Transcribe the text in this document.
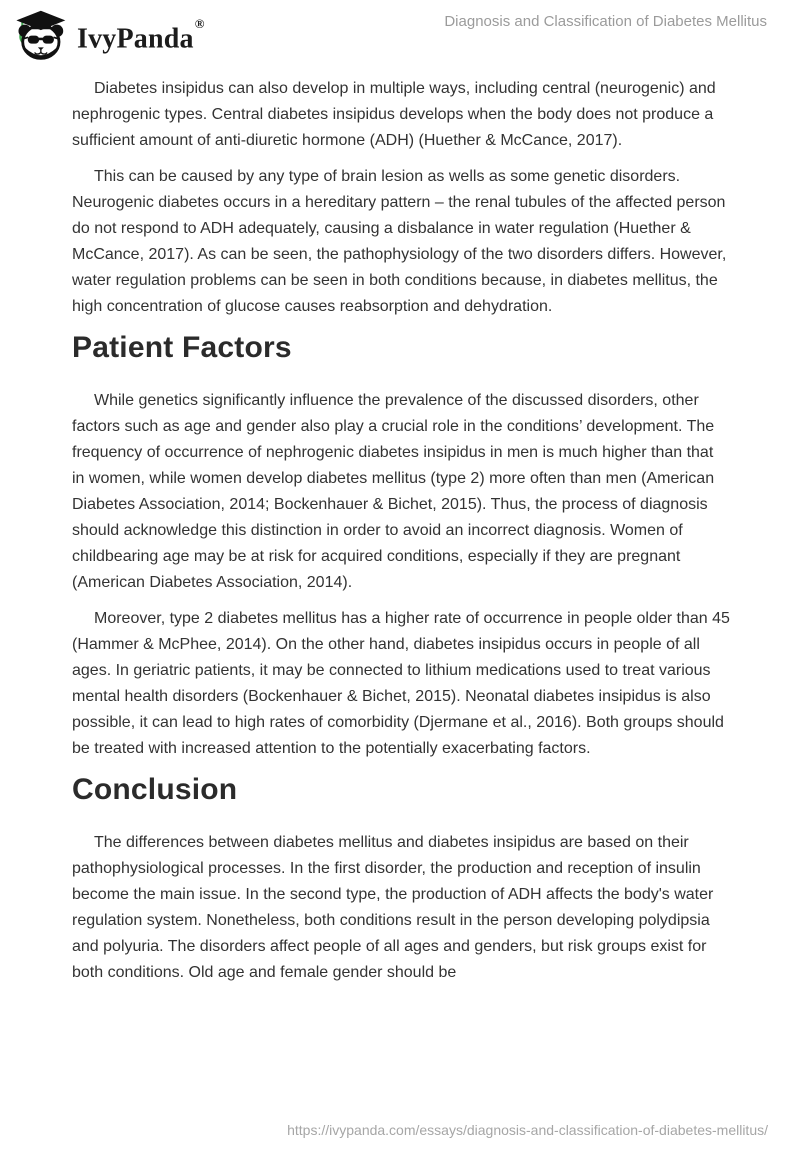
IvyPanda®	Diagnosis and Classification of Diabetes Mellitus

Diabetes insipidus can also develop in multiple ways, including central (neurogenic) and nephrogenic types. Central diabetes insipidus develops when the body does not produce a sufficient amount of anti-diuretic hormone (ADH) (Huether & McCance, 2017).

This can be caused by any type of brain lesion as wells as some genetic disorders. Neurogenic diabetes occurs in a hereditary pattern – the renal tubules of the affected person do not respond to ADH adequately, causing a disbalance in water regulation (Huether & McCance, 2017). As can be seen, the pathophysiology of the two disorders differs. However, water regulation problems can be seen in both conditions because, in diabetes mellitus, the high concentration of glucose causes reabsorption and dehydration.

Patient Factors

While genetics significantly influence the prevalence of the discussed disorders, other factors such as age and gender also play a crucial role in the conditions’ development. The frequency of occurrence of nephrogenic diabetes insipidus in men is much higher than that in women, while women develop diabetes mellitus (type 2) more often than men (American Diabetes Association, 2014; Bockenhauer & Bichet, 2015). Thus, the process of diagnosis should acknowledge this distinction in order to avoid an incorrect diagnosis. Women of childbearing age may be at risk for acquired conditions, especially if they are pregnant (American Diabetes Association, 2014).

Moreover, type 2 diabetes mellitus has a higher rate of occurrence in people older than 45 (Hammer & McPhee, 2014). On the other hand, diabetes insipidus occurs in people of all ages. In geriatric patients, it may be connected to lithium medications used to treat various mental health disorders (Bockenhauer & Bichet, 2015). Neonatal diabetes insipidus is also possible, it can lead to high rates of comorbidity (Djermane et al., 2016). Both groups should be treated with increased attention to the potentially exacerbating factors.

Conclusion

The differences between diabetes mellitus and diabetes insipidus are based on their pathophysiological processes. In the first disorder, the production and reception of insulin become the main issue. In the second type, the production of ADH affects the body's water regulation system. Nonetheless, both conditions result in the person developing polydipsia and polyuria. The disorders affect people of all ages and genders, but risk groups exist for both conditions. Old age and female gender should be

https://ivypanda.com/essays/diagnosis-and-classification-of-diabetes-mellitus/
